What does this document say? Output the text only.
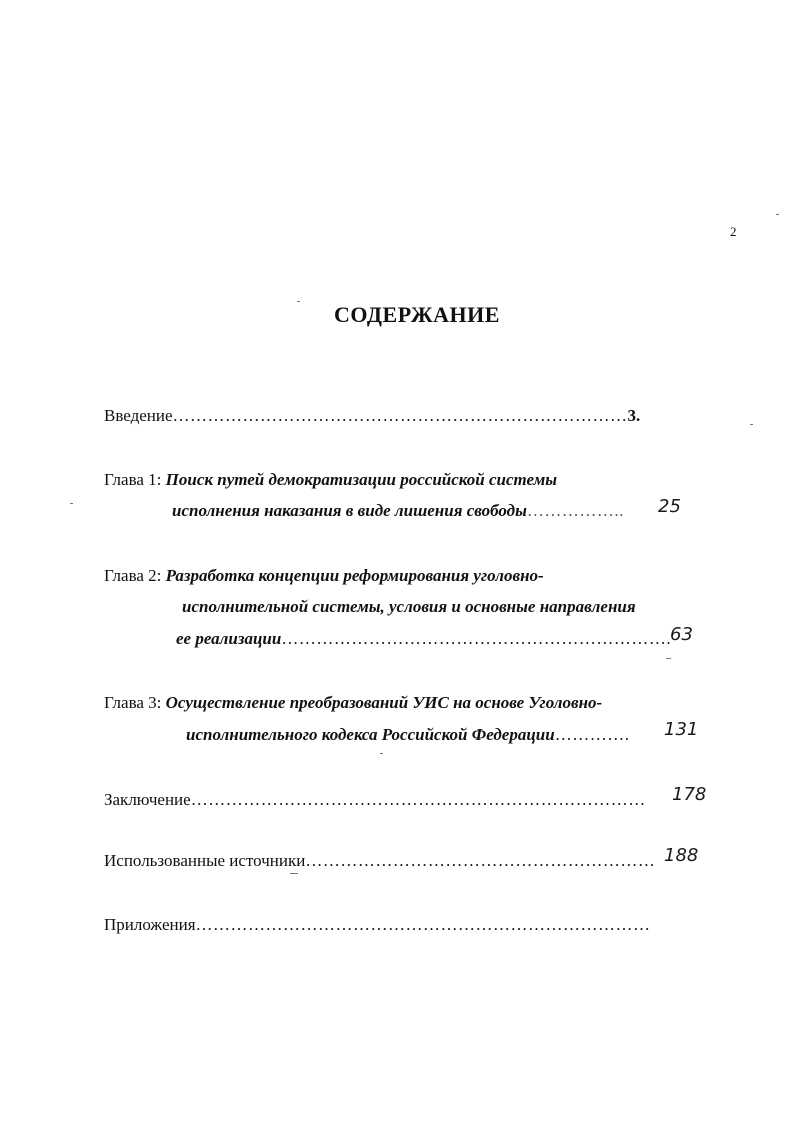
2
СОДЕРЖАНИЕ
Введение……………………………………………………………………3.
Глава 1: Поиск путей демократизации российской системы
исполнения наказания в виде лишения свободы…………….. 25
Глава 2: Разработка концепции реформирования уголовно-
исполнительной системы, условия и основные направления
ее реализации………………………………………………………….
63
Глава 3: Осуществление преобразований УИС на основе Уголовно-
исполнительного кодекса Российской Федерации…………. 131
Заключение…………………………………………………………………… 178
Использованные источники…………………………………………………… 188
Приложения……………………………………………………………………
